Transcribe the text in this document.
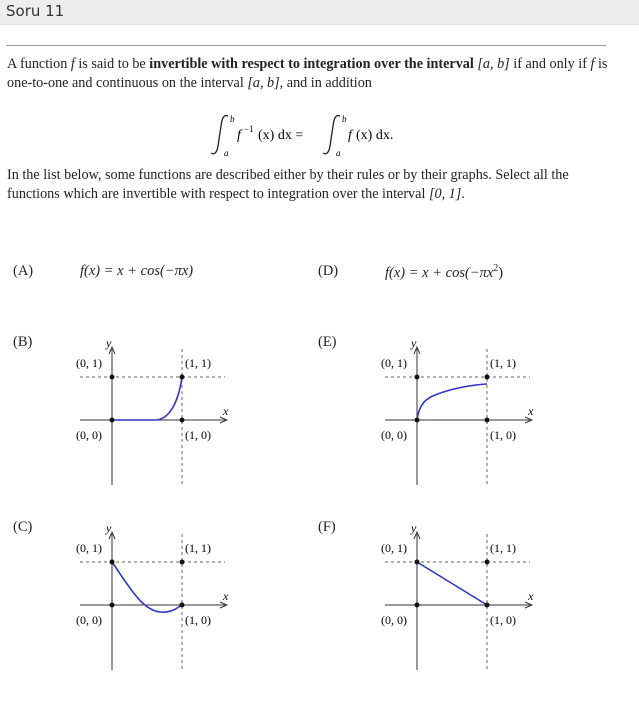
Soru 11
A function f is said to be invertible with respect to integration over the interval [a, b] if and only if f is one-to-one and continuous on the interval [a, b], and in addition
b
a
f −1 (x) dx =
b
a
f (x) dx.
In the list below, some functions are described either by their rules or by their graphs. Select all the functions which are invertible with respect to integration over the interval [0, 1].
(A)	f(x) = x + cos(−πx)	(D)	$f(x) = x + \cos(-\pi x^2)$
(B)	y
x
(0, 1)	(1, 1)
(0, 0)	(1, 0)
(E)	y
x
(0, 1)	(1, 1)
(0, 0)	(1, 0)
(C)	y
x
(0, 1)	(1, 1)
(0, 0)	(1, 0)
(F)	y
x
(0, 1)	(1, 1)
(0, 0)	(1, 0)
